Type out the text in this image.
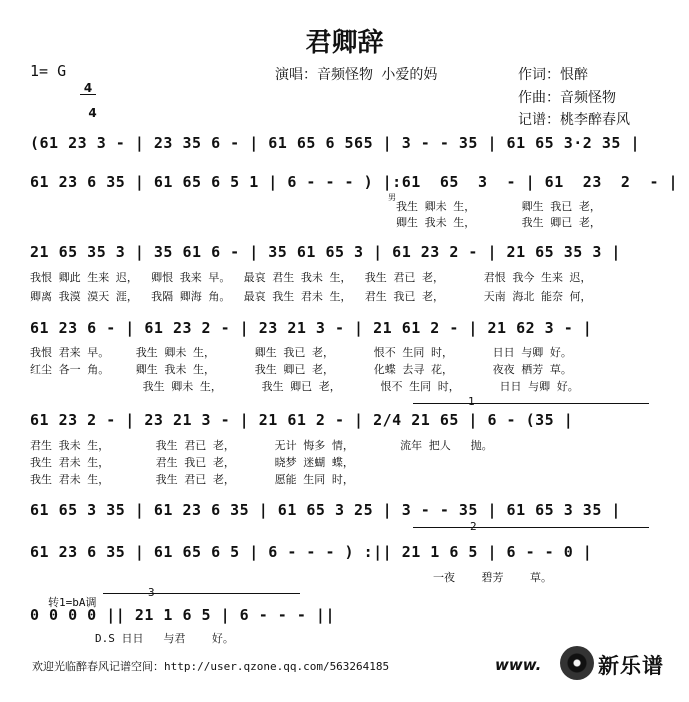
君卿辞
1= G

4

4

演唱：音频怪物 小爱的妈	作词：恨醉
作曲：音频怪物
记谱：桃李醉春风
(61 23 3 - | 23 35 6 - | 61 65 6 565 | 3 - - 35 | 61 65 3·2 35 |
61 23 6 35 | 61 65 6 5 1 | 6 - - - ) |:61  65  3  - | 61  23  2  - |
男
我生 卿未 生，       卿生 我已 老，
卿生 我未 生，       我生 卿已 老，
21 65 35 3 | 35 61 6 - | 35 61 65 3 | 61 23 2 - | 21 65 35 3 |
我恨 卿此 生来 迟，  卿恨 我来 早。  最哀 君生 我未 生，  我生 君已 老，      君恨 我今 生来 迟，
卿离 我漠 漠天 涯，  我隔 卿海 角。  最哀 我生 君未 生，  君生 我已 老，      天南 海北 能奈 何，
61 23 6 - | 61 23 2 - | 23 21 3 - | 21 61 2 - | 21 62 3 - |
我恨 君来 早。    我生 卿未 生，      卿生 我已 老，      恨不 生同 时，      日日 与卿 好。
红尘 各一 角。    卿生 我未 生，      我生 卿已 老，      化蝶 去寻 花，      夜夜 栖芳 草。
我生 卿未 生，      我生 卿已 老，      恨不 生同 时，      日日 与卿 好。
1
61 23 2 - | 23 21 3 - | 21 61 2 - | 2/4 21 65 | 6 - (35 |
君生 我未 生，       我生 君已 老，      无计 悔多 情，       流年 把人   抛。
我生 君未 生，       君生 我已 老，      晓梦 迷蝴 蝶，
我生 君未 生，       我生 君已 老，      愿能 生同 时，
61 65 3 35 | 61 23 6 35 | 61 65 3 25 | 3 - - 35 | 61 65 3 35 |
2
61 23 6 35 | 61 65 6 5 | 6 - - - ) :|| 21 1 6 5 | 6 - - 0 |
一夜    碧芳    草。
转1=bA调
3
0 0 0 0 || 21 1 6 5 | 6 - - - ||
D.S 日日   与君    好。
欢迎光临醉春风记谱空间：http://user.qzone.qq.com/563264185	www.

	新乐谱
